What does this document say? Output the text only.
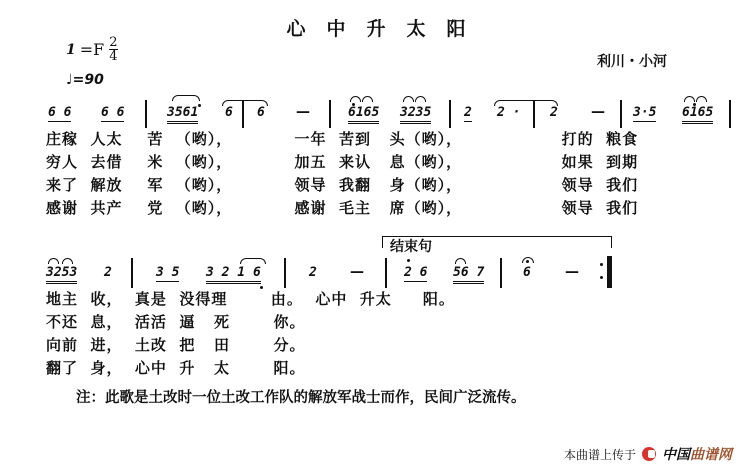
心中升太阳
$1 =F \frac{2}{4}$
♩=90
利川・小河
6 6 6 6	3561 6 6 —	6165 3235	2 2 · 2 — 3·5 6165
庄稼  人太    苦  （哟），          一年  苦到   头（哟），                打的  粮食
穷人  去借    米  （哟），          加五  来认   息（哟），                如果  到期
来了  解放    军  （哟），          领导  我翻   身（哟），                领导  我们
感谢  共产    党  （哟），          感谢  毛主   席（哟），                领导  我们
结束句
3253 2	3 5 3 2 1 6	2 —	2 6 56 7	6 —
地主  收，  真是  没得理       由。  心中  升太     阳。
不还  息，  活活  逼   死       你。
向前  进，  土改  把   田       分。
翻了  身，  心中  升   太       阳。
注：此歌是土改时一位土改工作队的解放军战士而作，民间广泛流传。
本曲谱上传于 中国曲谱网
